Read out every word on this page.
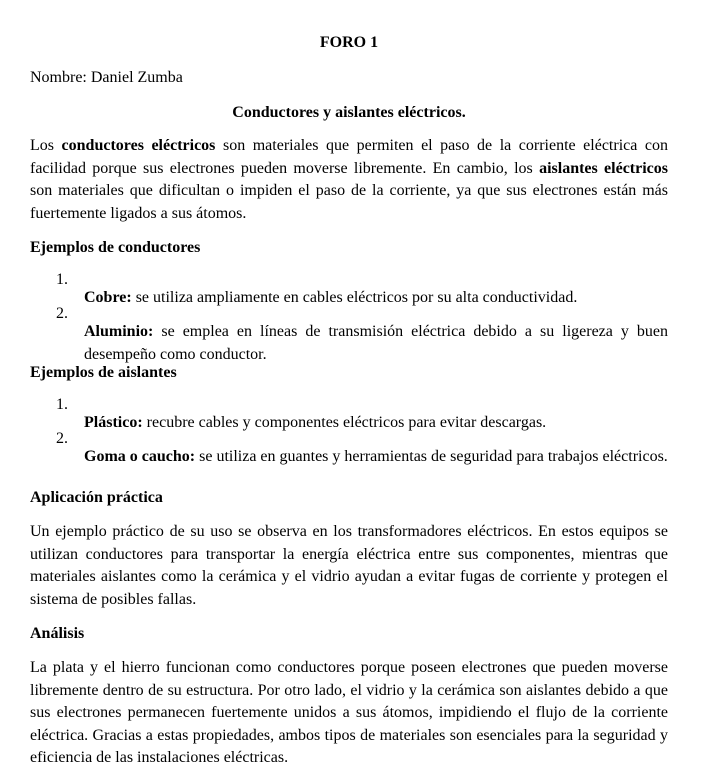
FORO 1

Nombre: Daniel Zumba

Conductores y aislantes eléctricos.

Los conductores eléctricos son materiales que permiten el paso de la corriente eléctrica con facilidad porque sus electrones pueden moverse libremente. En cambio, los aislantes eléctricos son materiales que dificultan o impiden el paso de la corriente, ya que sus electrones están más fuertemente ligados a sus átomos.

Ejemplos de conductores

1.

Cobre: se utiliza ampliamente en cables eléctricos por su alta conductividad.

2.

Aluminio: se emplea en líneas de transmisión eléctrica debido a su ligereza y buen desempeño como conductor.

Ejemplos de aislantes

1.

Plástico: recubre cables y componentes eléctricos para evitar descargas.

2.

Goma o caucho: se utiliza en guantes y herramientas de seguridad para trabajos eléctricos.

Aplicación práctica

Un ejemplo práctico de su uso se observa en los transformadores eléctricos. En estos equipos se utilizan conductores para transportar la energía eléctrica entre sus componentes, mientras que materiales aislantes como la cerámica y el vidrio ayudan a evitar fugas de corriente y protegen el sistema de posibles fallas.

Análisis

La plata y el hierro funcionan como conductores porque poseen electrones que pueden moverse libremente dentro de su estructura. Por otro lado, el vidrio y la cerámica son aislantes debido a que sus electrones permanecen fuertemente unidos a sus átomos, impidiendo el flujo de la corriente eléctrica. Gracias a estas propiedades, ambos tipos de materiales son esenciales para la seguridad y eficiencia de las instalaciones eléctricas.
